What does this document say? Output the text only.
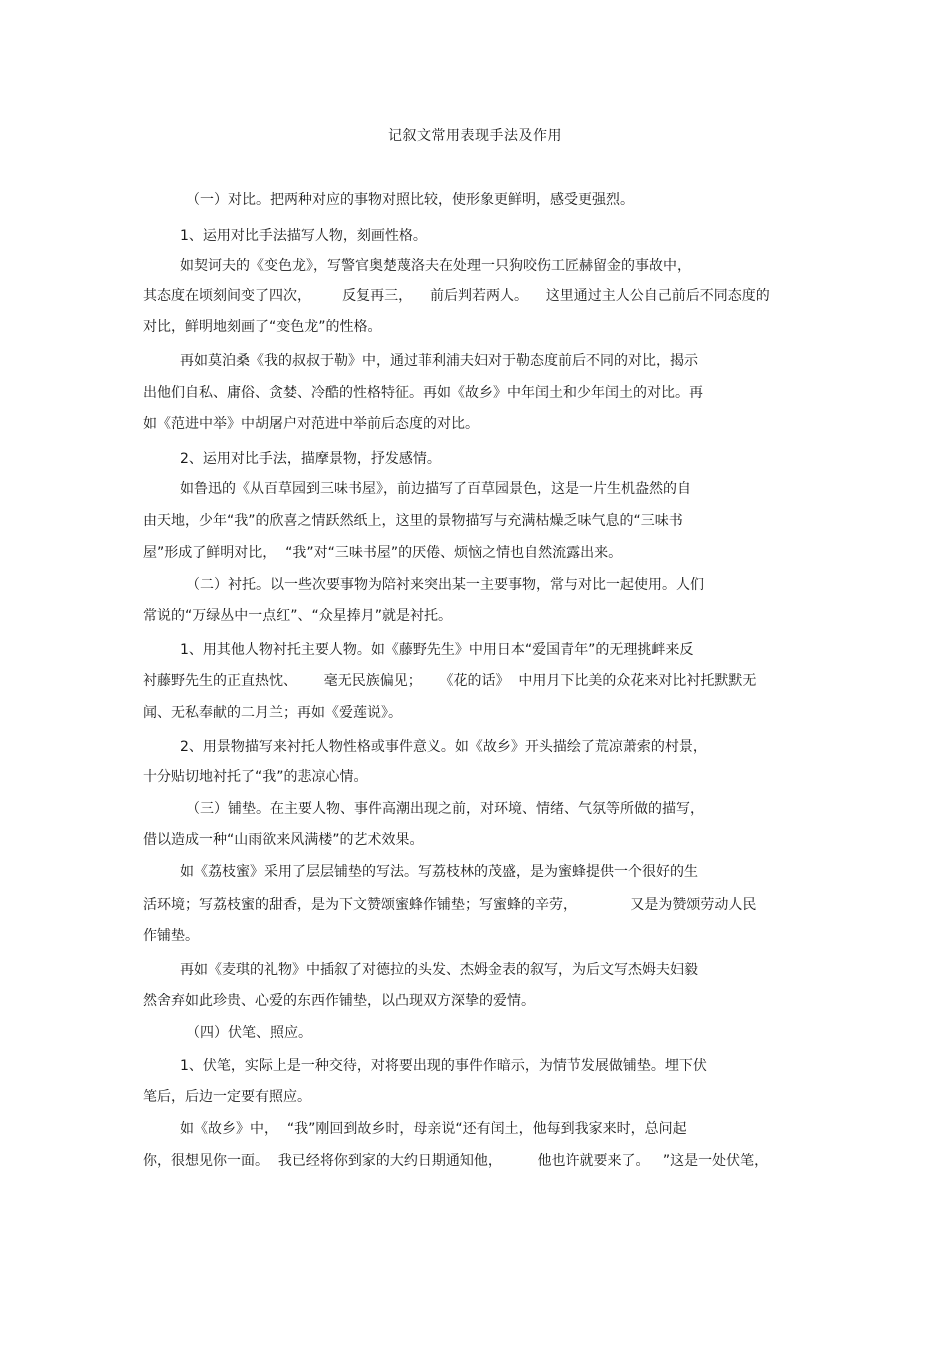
记叙文常用表现手法及作用
（一）对比。把两种对应的事物对照比较，使形象更鲜明，感受更强烈。
1、运用对比手法描写人物，刻画性格。
如契诃夫的《变色龙》，写警官奥楚蔑洛夫在处理一只狗咬伤工匠赫留金的事故中，
其态度在顷刻间变了四次，       反复再三，    前后判若两人。    这里通过主人公自己前后不同态度的
对比，鲜明地刻画了“变色龙”的性格。
再如莫泊桑《我的叔叔于勒》中，通过菲利浦夫妇对于勒态度前后不同的对比，揭示
出他们自私、庸俗、贪婪、冷酷的性格特征。再如《故乡》中年闰土和少年闰土的对比。再
如《范进中举》中胡屠户对范进中举前后态度的对比。
2、运用对比手法，描摩景物，抒发感情。
如鲁迅的《从百草园到三味书屋》，前边描写了百草园景色，这是一片生机盎然的自
由天地，少年“我”的欣喜之情跃然纸上，这里的景物描写与充满枯燥乏味气息的“三味书
屋”形成了鲜明对比，  “我”对“三味书屋”的厌倦、烦恼之情也自然流露出来。
（二）衬托。以一些次要事物为陪衬来突出某一主要事物，常与对比一起使用。人们
常说的“万绿丛中一点红”、“众星捧月”就是衬托。
1、用其他人物衬托主要人物。如《藤野先生》中用日本“爱国青年”的无理挑衅来反
衬藤野先生的正直热忱、      毫无民族偏见；    《花的话》  中用月下比美的众花来对比衬托默默无
闻、无私奉献的二月兰；再如《爱莲说》。
2、用景物描写来衬托人物性格或事件意义。如《故乡》开头描绘了荒凉萧索的村景，
十分贴切地衬托了“我”的悲凉心情。
（三）铺垫。在主要人物、事件高潮出现之前，对环境、情绪、气氛等所做的描写，
借以造成一种“山雨欲来风满楼”的艺术效果。
如《荔枝蜜》采用了层层铺垫的写法。写荔枝林的茂盛，是为蜜蜂提供一个很好的生
活环境；写荔枝蜜的甜香，是为下文赞颂蜜蜂作铺垫；写蜜蜂的辛劳，            又是为赞颂劳动人民
作铺垫。
再如《麦琪的礼物》中插叙了对德拉的头发、杰姆金表的叙写，为后文写杰姆夫妇毅
然舍弃如此珍贵、心爱的东西作铺垫，以凸现双方深挚的爱情。
（四）伏笔、照应。
1、伏笔，实际上是一种交待，对将要出现的事件作暗示，为情节发展做铺垫。埋下伏
笔后，后边一定要有照应。
如《故乡》中，  “我”刚回到故乡时，母亲说“还有闰土，他每到我家来时，总问起
你，很想见你一面。  我已经将你到家的大约日期通知他，        他也许就要来了。   ”这是一处伏笔，
